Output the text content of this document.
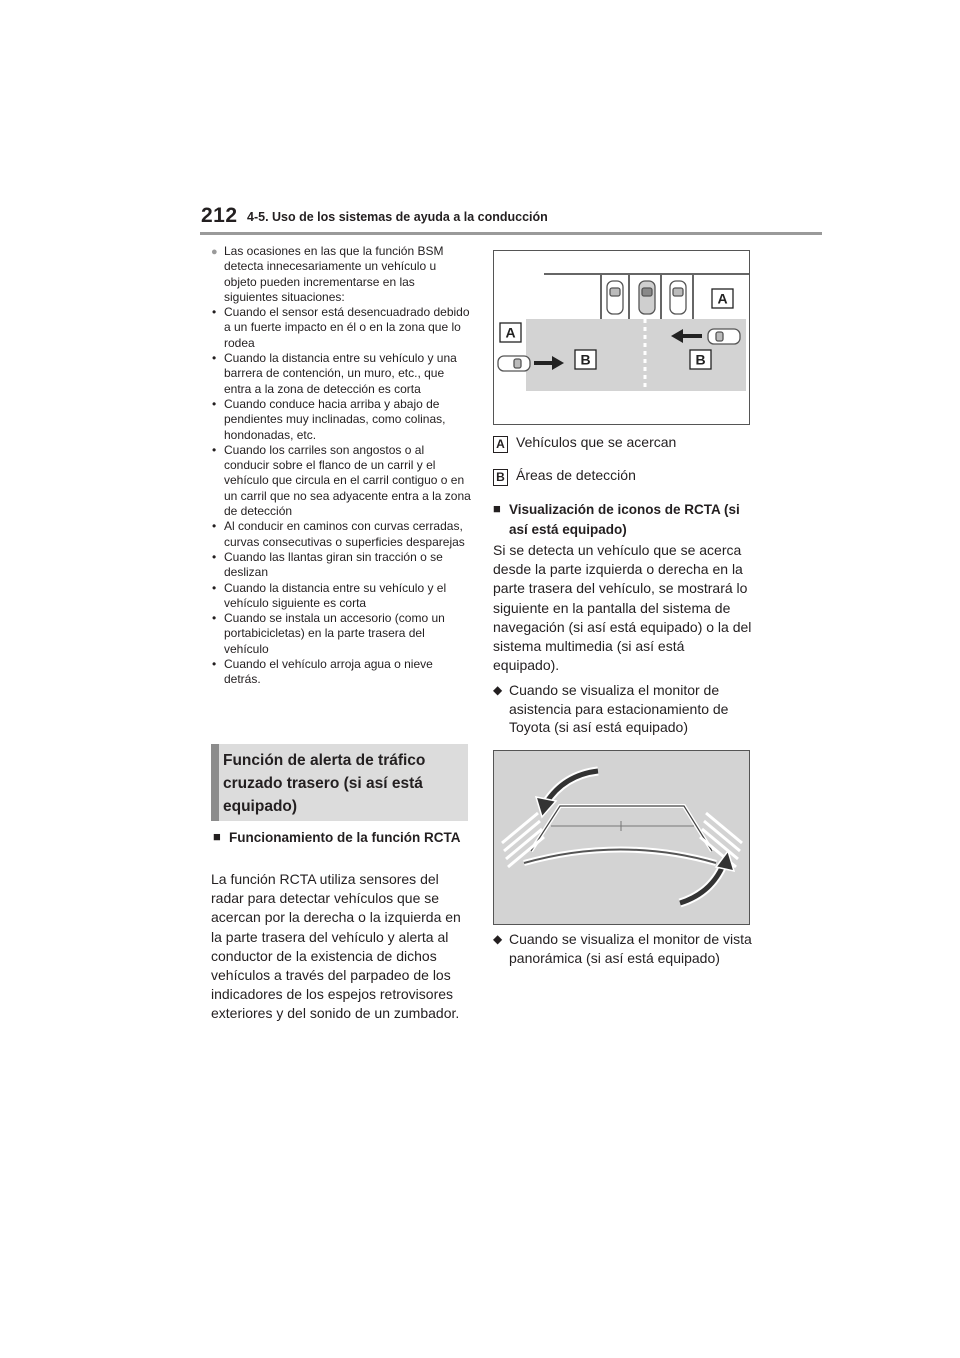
212 4-5. Uso de los sistemas de ayuda a la conducción
● Las ocasiones en las que la función BSM detecta innecesariamente un vehículo u objeto pueden incrementarse en las siguientes situaciones:
• Cuando el sensor está desencuadrado debido a un fuerte impacto en él o en la zona que lo rodea
• Cuando la distancia entre su vehículo y una barrera de contención, un muro, etc., que entra a la zona de detección es corta
• Cuando conduce hacia arriba y abajo de pendientes muy inclinadas, como colinas, hondonadas, etc.
• Cuando los carriles son angostos o al conducir sobre el flanco de un carril y el vehículo que circula en el carril contiguo o en un carril que no sea adyacente entra a la zona de detección
• Al conducir en caminos con curvas cerradas, curvas consecutivas o superficies desparejas
• Cuando las llantas giran sin tracción o se deslizan
• Cuando la distancia entre su vehículo y el vehículo siguiente es corta
• Cuando se instala un accesorio (como un portabicicletas) en la parte trasera del vehículo
• Cuando el vehículo arroja agua o nieve detrás.
Función de alerta de tráfico cruzado trasero (si así está equipado)
■ Funcionamiento de la función RCTA
La función RCTA utiliza sensores del radar para detectar vehículos que se acercan por la derecha o la izquierda en la parte trasera del vehículo y alerta al conductor de la existencia de dichos vehículos a través del parpadeo de los indicadores de los espejos retrovisores exteriores y del sonido de un zumbador.
A
A
B	B
A Vehículos que se acercan
B Áreas de detección
■ Visualización de iconos de RCTA (si así está equipado)
Si se detecta un vehículo que se acerca desde la parte izquierda o derecha en la parte trasera del vehículo, se mostrará lo siguiente en la pantalla del sistema de navegación (si así está equipado) o la del sistema multimedia (si así está equipado).
◆ Cuando se visualiza el monitor de asistencia para estacionamiento de Toyota (si así está equipado)
◆ Cuando se visualiza el monitor de vista panorámica (si así está equipado)
